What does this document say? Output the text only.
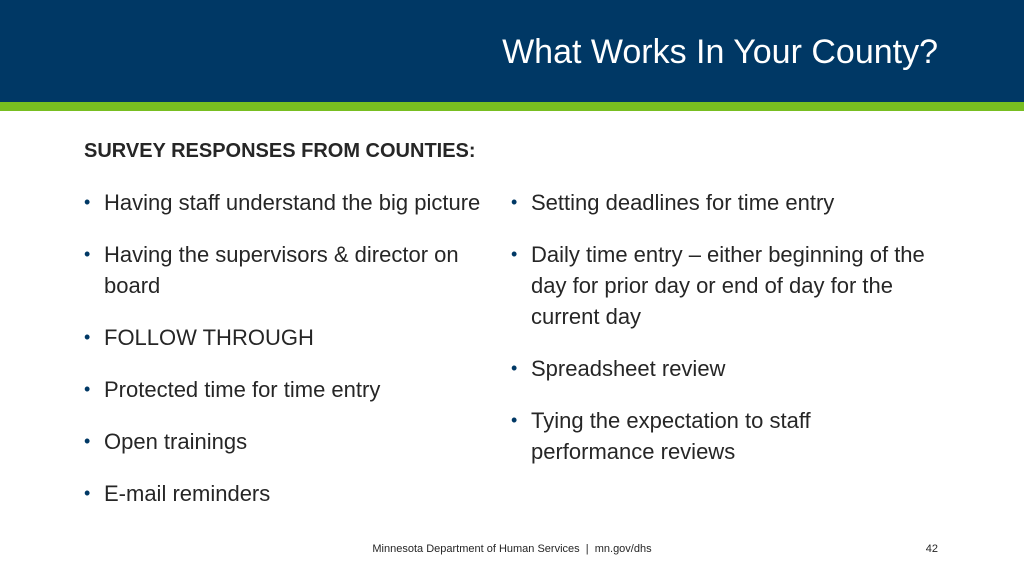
What Works In Your County?
SURVEY RESPONSES FROM COUNTIES:
• Having staff understand the big picture
• Having the supervisors & director on board
• FOLLOW THROUGH
• Protected time for time entry
• Open trainings
• E-mail reminders
• Setting deadlines for time entry
• Daily time entry – either beginning of the day for prior day or end of day for the current day
• Spreadsheet review
• Tying the expectation to staff performance reviews
Minnesota Department of Human Services  |  mn.gov/dhs	42
